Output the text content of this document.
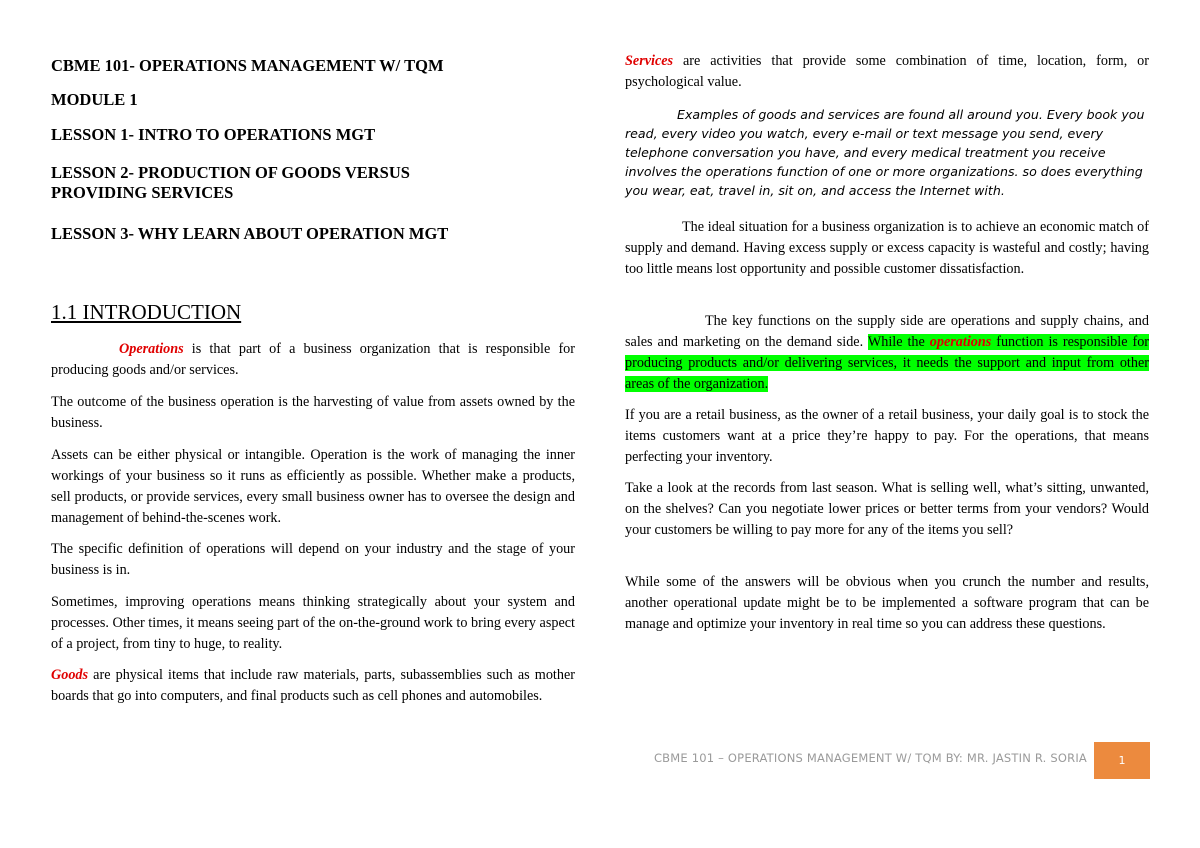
CBME 101- OPERATIONS MANAGEMENT W/ TQM
MODULE 1
LESSON 1- INTRO TO OPERATIONS MGT
LESSON 2- PRODUCTION OF GOODS VERSUS
PROVIDING SERVICES
LESSON 3- WHY LEARN ABOUT OPERATION MGT
1.1 INTRODUCTION

Operations is that part of a business organization that is responsible for producing goods and/or services.

The outcome of the business operation is the harvesting of value from assets owned by the business.

Assets can be either physical or intangible. Operation is the work of managing the inner workings of your business so it runs as efficiently as possible. Whether make a products, sell products, or provide services, every small business owner has to oversee the design and management of behind-the-scenes work.

The specific definition of operations will depend on your industry and the stage of your business is in.

Sometimes, improving operations means thinking strategically about your system and processes. Other times, it means seeing part of the on-the-ground work to bring every aspect of a project, from tiny to huge, to reality.

Goods are physical items that include raw materials, parts, subassemblies such as mother boards that go into computers, and final products such as cell phones and automobiles.

Services are activities that provide some combination of time, location, form, or psychological value.

Examples of goods and services are found all around you. Every book you read, every video you watch, every e-mail or text message you send, every telephone conversation you have, and every medical treatment you receive involves the operations function of one or more organizations. so does everything you wear, eat, travel in, sit on, and access the Internet with.

The ideal situation for a business organization is to achieve an economic match of supply and demand. Having excess supply or excess capacity is wasteful and costly; having too little means lost opportunity and possible customer dissatisfaction.

The key functions on the supply side are operations and supply chains, and sales and marketing on the demand side. While the operations function is responsible for producing products and/or delivering services, it needs the support and input from other areas of the organization.

If you are a retail business, as the owner of a retail business, your daily goal is to stock the items customers want at a price they’re happy to pay. For the operations, that means perfecting your inventory.

Take a look at the records from last season. What is selling well, what’s sitting, unwanted, on the shelves? Can you negotiate lower prices or better terms from your vendors? Would your customers be willing to pay more for any of the items you sell?

While some of the answers will be obvious when you crunch the number and results, another operational update might be to be implemented a software program that can be manage and optimize your inventory in real time so you can address these questions.

CBME 101 – OPERATIONS MANAGEMENT W/ TQM BY: MR. JASTIN R. SORIA	1
